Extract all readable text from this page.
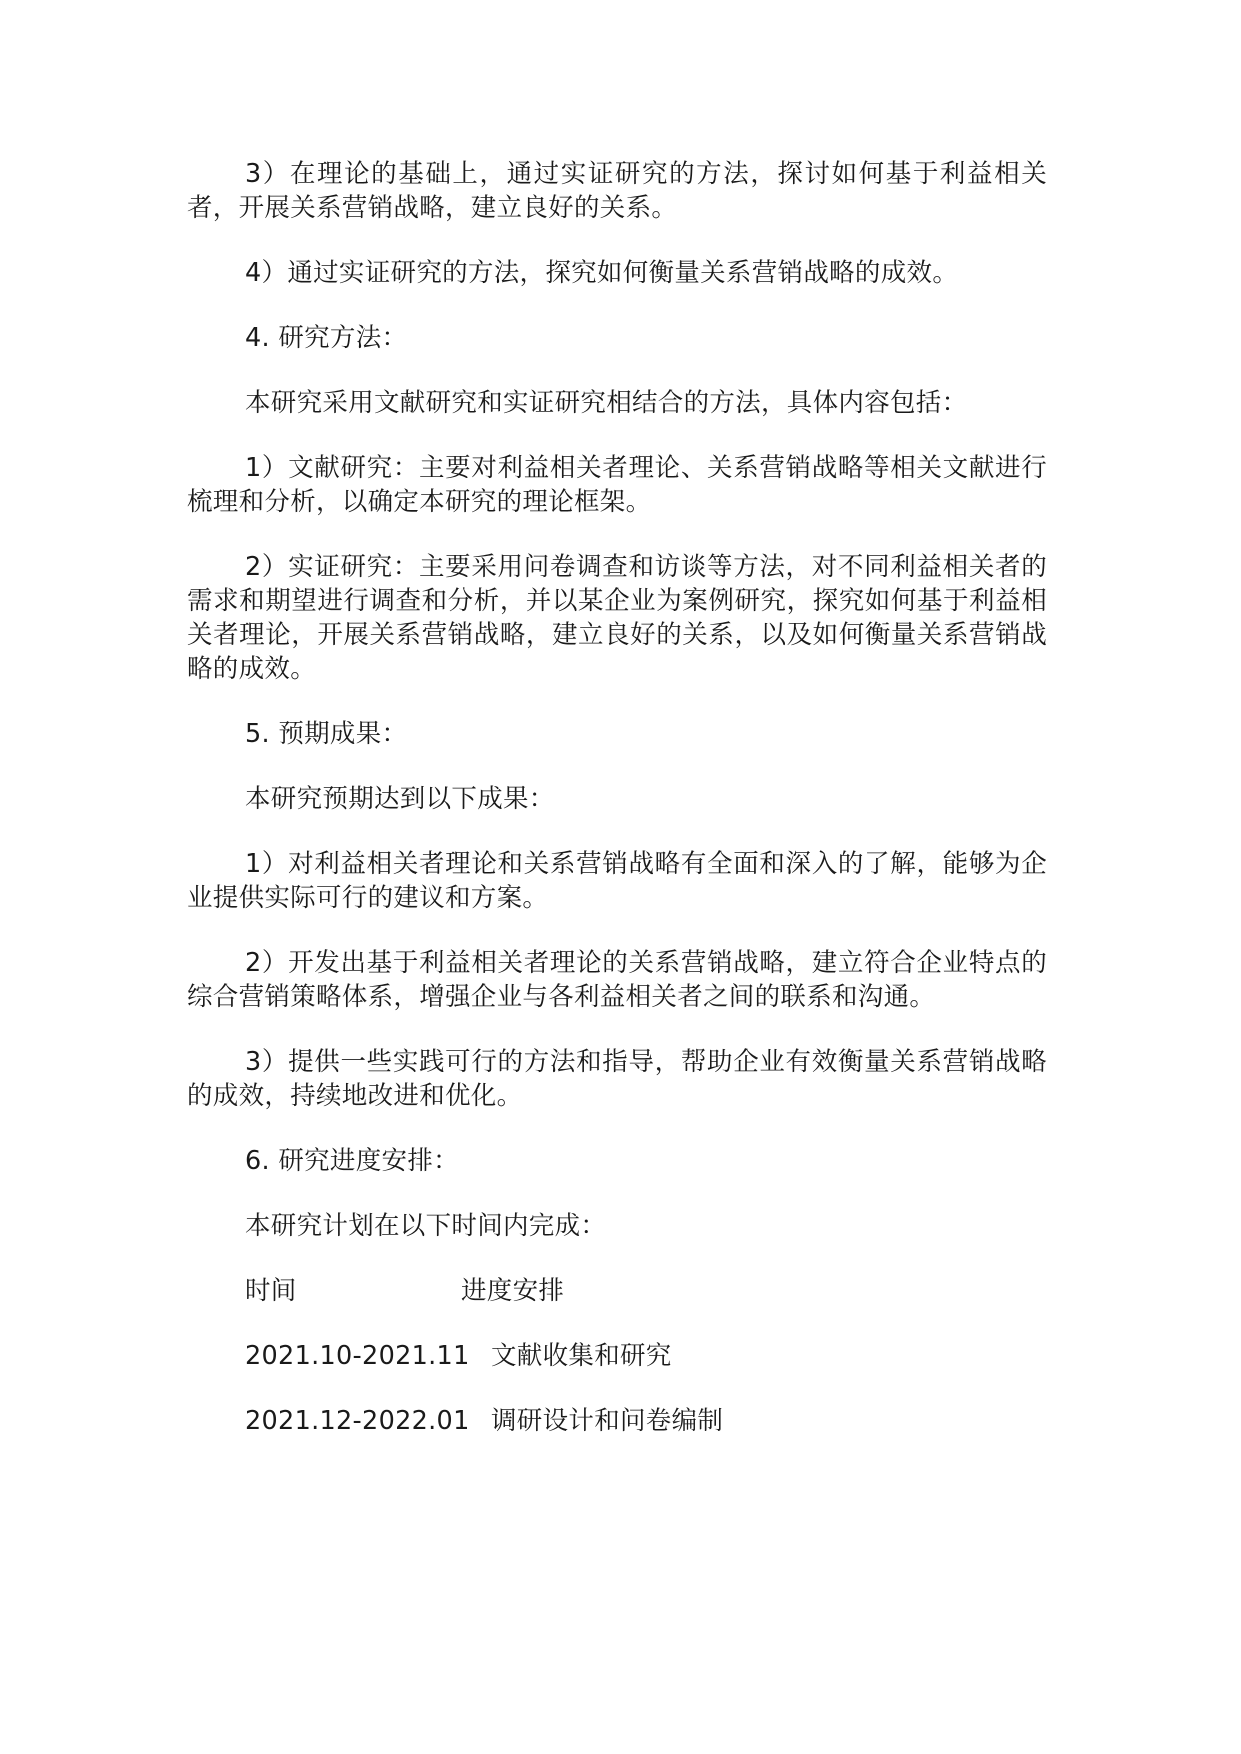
3）在理论的基础上，通过实证研究的方法，探讨如何基于利益相关者，开展关系营销战略，建立良好的关系。

4）通过实证研究的方法，探究如何衡量关系营销战略的成效。

4. 研究方法：

本研究采用文献研究和实证研究相结合的方法，具体内容包括：

1）文献研究：主要对利益相关者理论、关系营销战略等相关文献进行梳理和分析，以确定本研究的理论框架。

2）实证研究：主要采用问卷调查和访谈等方法，对不同利益相关者的需求和期望进行调查和分析，并以某企业为案例研究，探究如何基于利益相关者理论，开展关系营销战略，建立良好的关系，以及如何衡量关系营销战略的成效。

5. 预期成果：

本研究预期达到以下成果：

1）对利益相关者理论和关系营销战略有全面和深入的了解，能够为企业提供实际可行的建议和方案。

2）开发出基于利益相关者理论的关系营销战略，建立符合企业特点的综合营销策略体系，增强企业与各利益相关者之间的联系和沟通。

3）提供一些实践可行的方法和指导，帮助企业有效衡量关系营销战略的成效，持续地改进和优化。

6. 研究进度安排：

本研究计划在以下时间内完成：

时间	进度安排
2021.10-2021.11 文献收集和研究
2021.12-2022.01 调研设计和问卷编制
